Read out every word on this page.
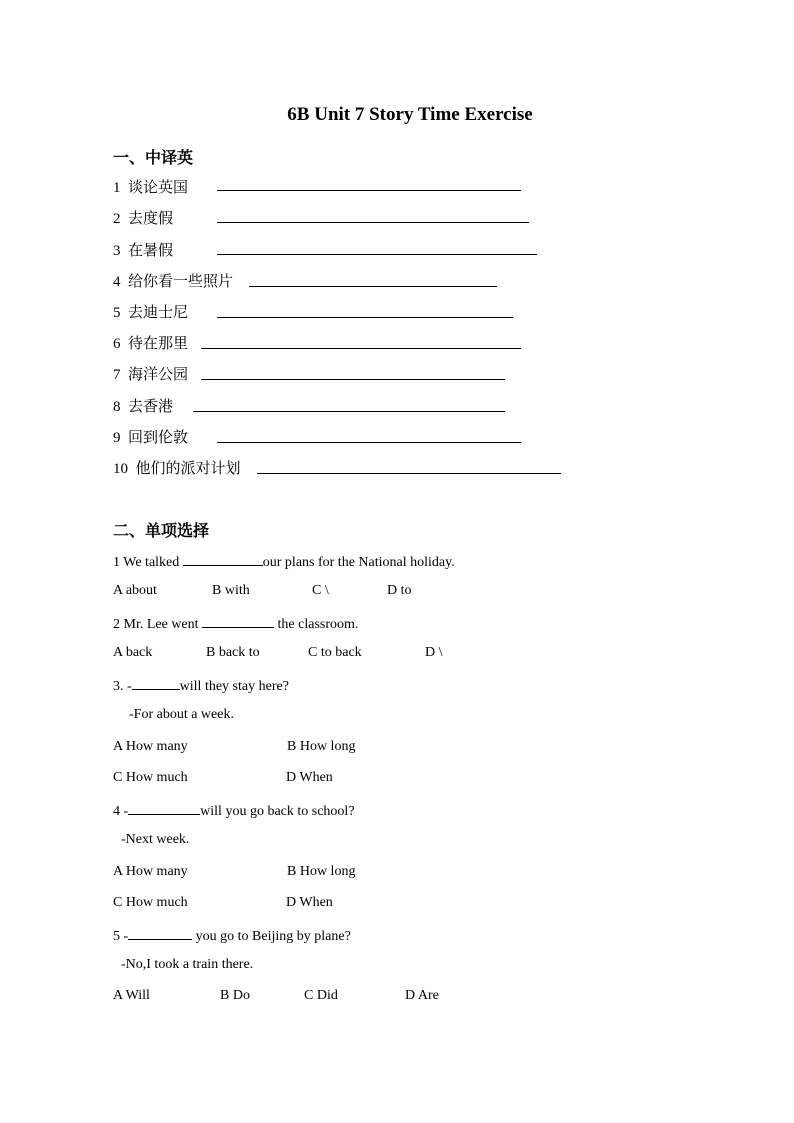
6B Unit 7 Story Time Exercise
一、中译英
1 谈论英国
2 去度假
3 在暑假
4 给你看一些照片
5 去迪士尼
6 待在那里
7 海洋公园
8 去香港
9 回到伦敦
10 他们的派对计划
二、单项选择
1 We talked	our plans for the National holiday.
A about	B with	C \	D to
2 Mr. Lee went	the classroom.
A back	B back to	C to back	D \
3. -	will they stay here?
-For about a week.
A How many	B How long
C How much	D When
4 -	will you go back to school?
-Next week.
A How many	B How long
C How much	D When
5 -	you go to Beijing by plane?
-No,I took a train there.
A Will	B Do	C Did	D Are
